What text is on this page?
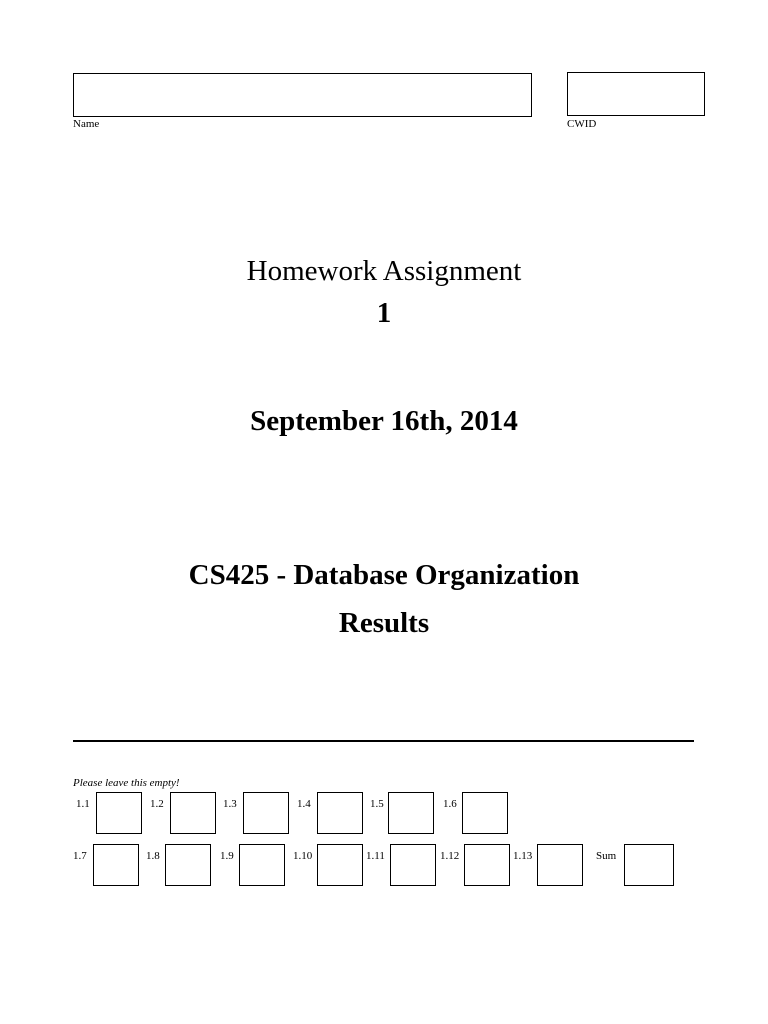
Name	CWID
Homework Assignment
1
September 16th, 2014
CS425 - Database Organization
Results
Please leave this empty!
1.1	1.2	1.3	1.4	1.5	1.6
1.7	1.8	1.9	1.10	1.11	1.12	1.13	Sum
